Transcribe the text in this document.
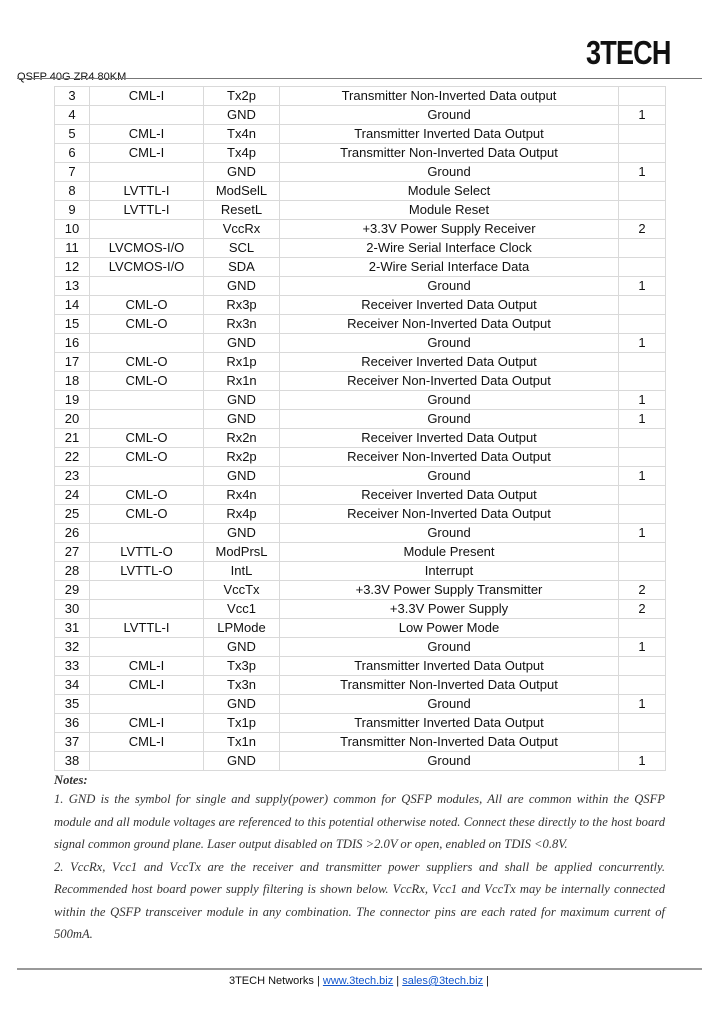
3TECH
QSFP 40G ZR4 80KM
3	CML-I	Tx2p	Transmitter Non-Inverted Data output	
4		GND	Ground	1
5	CML-I	Tx4n	Transmitter Inverted Data Output	
6	CML-I	Tx4p	Transmitter Non-Inverted Data Output	
7		GND	Ground	1
8	LVTTL-I	ModSelL	Module Select	
9	LVTTL-I	ResetL	Module Reset	
10		VccRx	+3.3V Power Supply Receiver	2
11	LVCMOS-I/O	SCL	2-Wire Serial Interface Clock	
12	LVCMOS-I/O	SDA	2-Wire Serial Interface Data	
13		GND	Ground	1
14	CML-O	Rx3p	Receiver Inverted Data Output	
15	CML-O	Rx3n	Receiver Non-Inverted Data Output	
16		GND	Ground	1
17	CML-O	Rx1p	Receiver Inverted Data Output	
18	CML-O	Rx1n	Receiver Non-Inverted Data Output	
19		GND	Ground	1
20		GND	Ground	1
21	CML-O	Rx2n	Receiver Inverted Data Output	
22	CML-O	Rx2p	Receiver Non-Inverted Data Output	
23		GND	Ground	1
24	CML-O	Rx4n	Receiver Inverted Data Output	
25	CML-O	Rx4p	Receiver Non-Inverted Data Output	
26		GND	Ground	1
27	LVTTL-O	ModPrsL	Module Present	
28	LVTTL-O	IntL	Interrupt	
29		VccTx	+3.3V Power Supply Transmitter	2
30		Vcc1	+3.3V Power Supply	2
31	LVTTL-I	LPMode	Low Power Mode	
32		GND	Ground	1
33	CML-I	Tx3p	Transmitter Inverted Data Output	
34	CML-I	Tx3n	Transmitter Non-Inverted Data Output	
35		GND	Ground	1
36	CML-I	Tx1p	Transmitter Inverted Data Output	
37	CML-I	Tx1n	Transmitter Non-Inverted Data Output	
38		GND	Ground	1
Notes:

1. GND is the symbol for single and supply(power) common for QSFP modules, All are common within the QSFP module and all module voltages are referenced to this potential otherwise noted. Connect these directly to the host board signal common ground plane. Laser output disabled on TDIS >2.0V or open, enabled on TDIS <0.8V.

2. VccRx, Vcc1 and VccTx are the receiver and transmitter power suppliers and shall be applied concurrently. Recommended host board power supply filtering is shown below. VccRx, Vcc1 and VccTx may be internally connected within the QSFP transceiver module in any combination. The connector pins are each rated for maximum current of 500mA.

3TECH Networks | www.3tech.biz | sales@3tech.biz |
